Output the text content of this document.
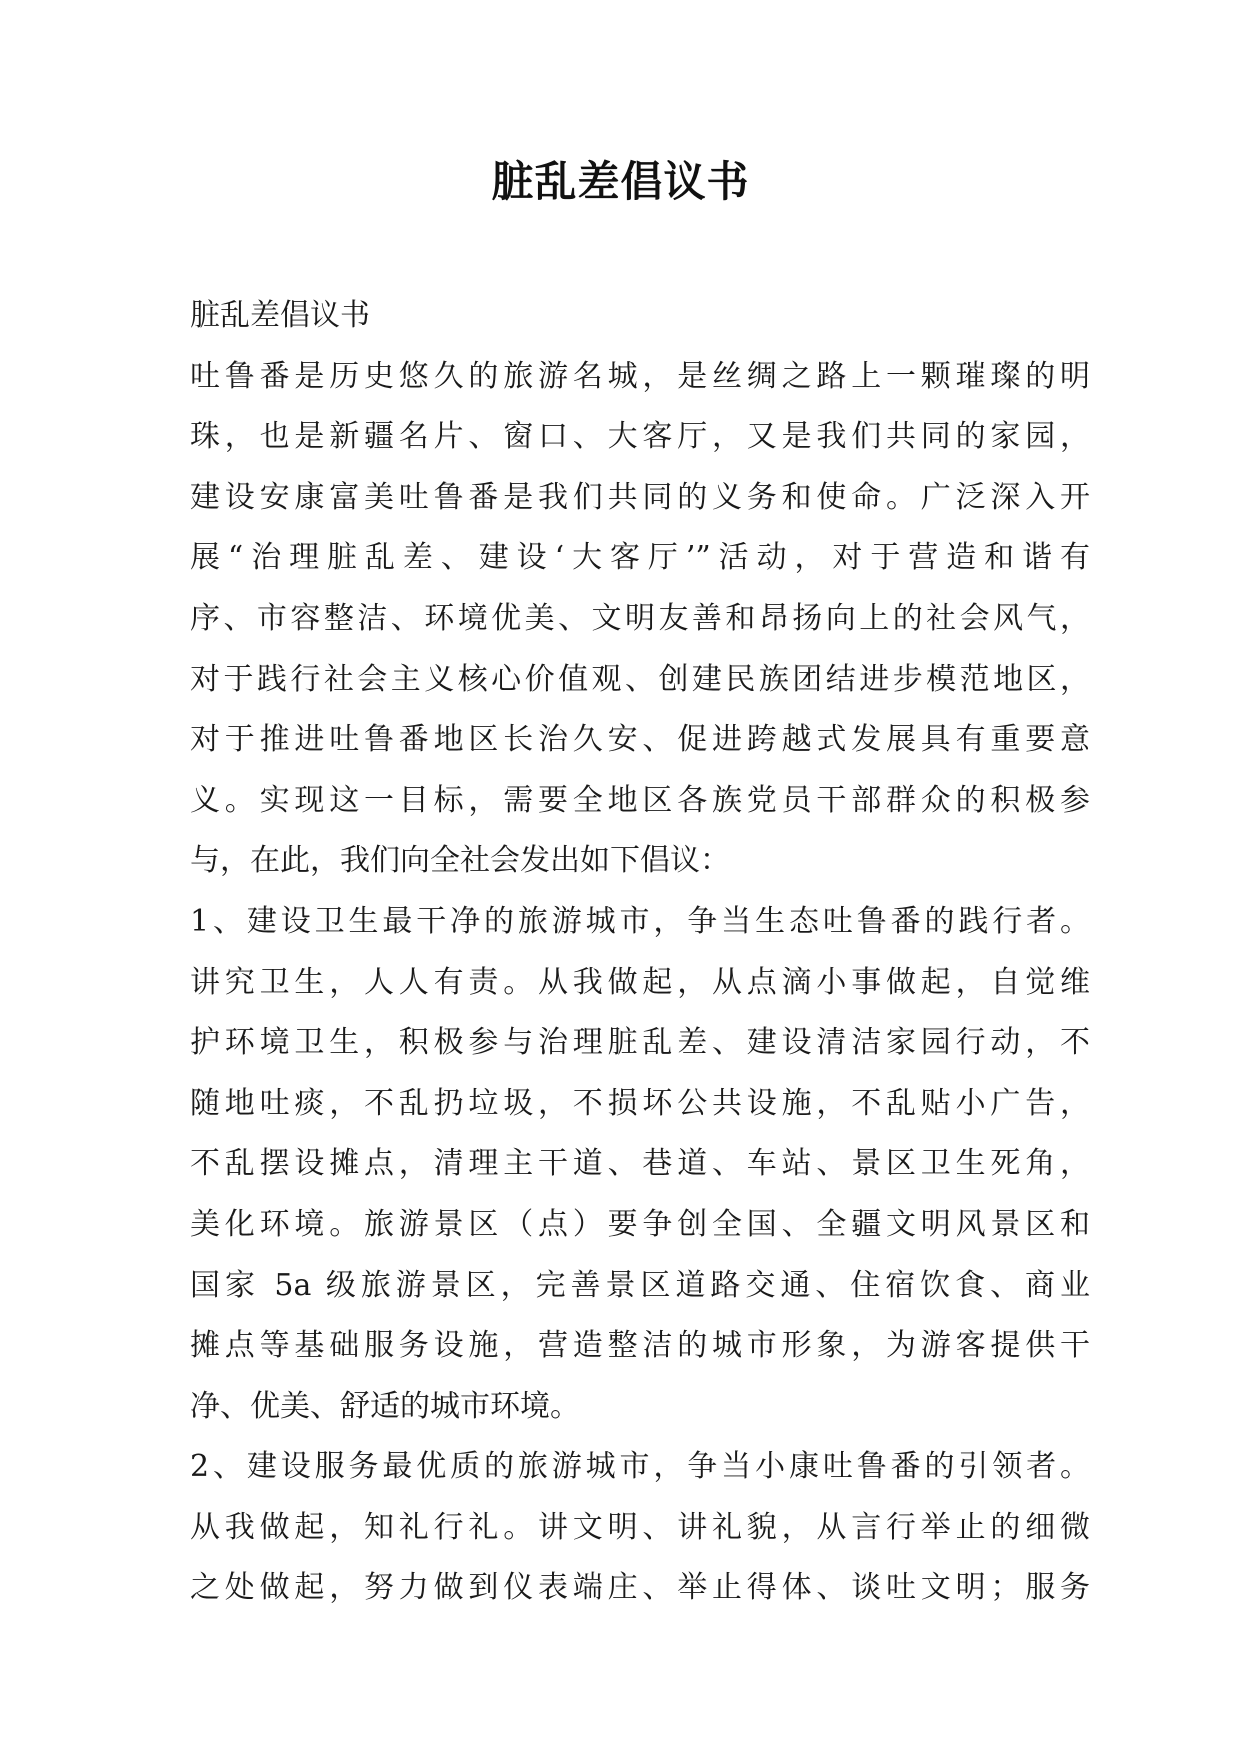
脏乱差倡议书
脏乱差倡议书
吐鲁番是历史悠久的旅游名城，是丝绸之路上一颗璀璨的明
珠，也是新疆名片、窗口、大客厅，又是我们共同的家园，
建设安康富美吐鲁番是我们共同的义务和使命。广泛深入开
展“治理脏乱差、建设‘大客厅’”活动，对于营造和谐有
序、市容整洁、环境优美、文明友善和昂扬向上的社会风气，
对于践行社会主义核心价值观、创建民族团结进步模范地区，
对于推进吐鲁番地区长治久安、促进跨越式发展具有重要意
义。实现这一目标，需要全地区各族党员干部群众的积极参
与，在此，我们向全社会发出如下倡议：
1、建设卫生最干净的旅游城市，争当生态吐鲁番的践行者。
讲究卫生，人人有责。从我做起，从点滴小事做起，自觉维
护环境卫生，积极参与治理脏乱差、建设清洁家园行动，不
随地吐痰，不乱扔垃圾，不损坏公共设施，不乱贴小广告，
不乱摆设摊点，清理主干道、巷道、车站、景区卫生死角，
美化环境。旅游景区（点）要争创全国、全疆文明风景区和
国家 5a 级旅游景区，完善景区道路交通、住宿饮食、商业
摊点等基础服务设施，营造整洁的城市形象，为游客提供干
净、优美、舒适的城市环境。
2、建设服务最优质的旅游城市，争当小康吐鲁番的引领者。
从我做起，知礼行礼。讲文明、讲礼貌，从言行举止的细微
之处做起，努力做到仪表端庄、举止得体、谈吐文明；服务
